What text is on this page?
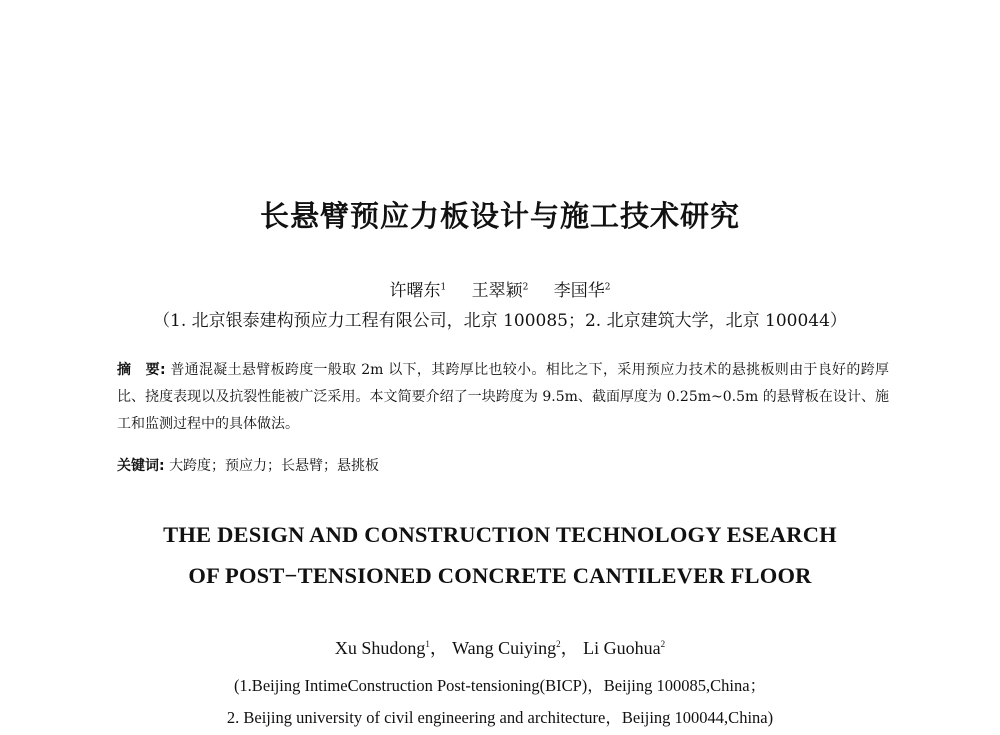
长悬臂预应力板设计与施工技术研究
许曙东$^1$ 王翠颖$^2$ 李国华$^2$
（1. 北京银泰建构预应力工程有限公司，北京 100085；2. 北京建筑大学，北京 100044）
摘　要: 普通混凝土悬臂板跨度一般取 2m 以下，其跨厚比也较小。相比之下，采用预应力技术的悬挑板则由于良好的跨厚比、挠度表现以及抗裂性能被广泛采用。本文简要介绍了一块跨度为 9.5m、截面厚度为 0.25m~0.5m 的悬臂板在设计、施工和监测过程中的具体做法。
关键词: 大跨度；预应力；长悬臂；悬挑板
THE DESIGN AND CONSTRUCTION TECHNOLOGY ESEARCH
OF POST−TENSIONED CONCRETE CANTILEVER FLOOR
Xu Shudong$^1$， Wang Cuiying$^2$， Li Guohua$^2$
(1.Beijing IntimeConstruction Post-tensioning(BICP)，Beijing 100085,China；
2. Beijing university of civil engineering and architecture，Beijing 100044,China)
